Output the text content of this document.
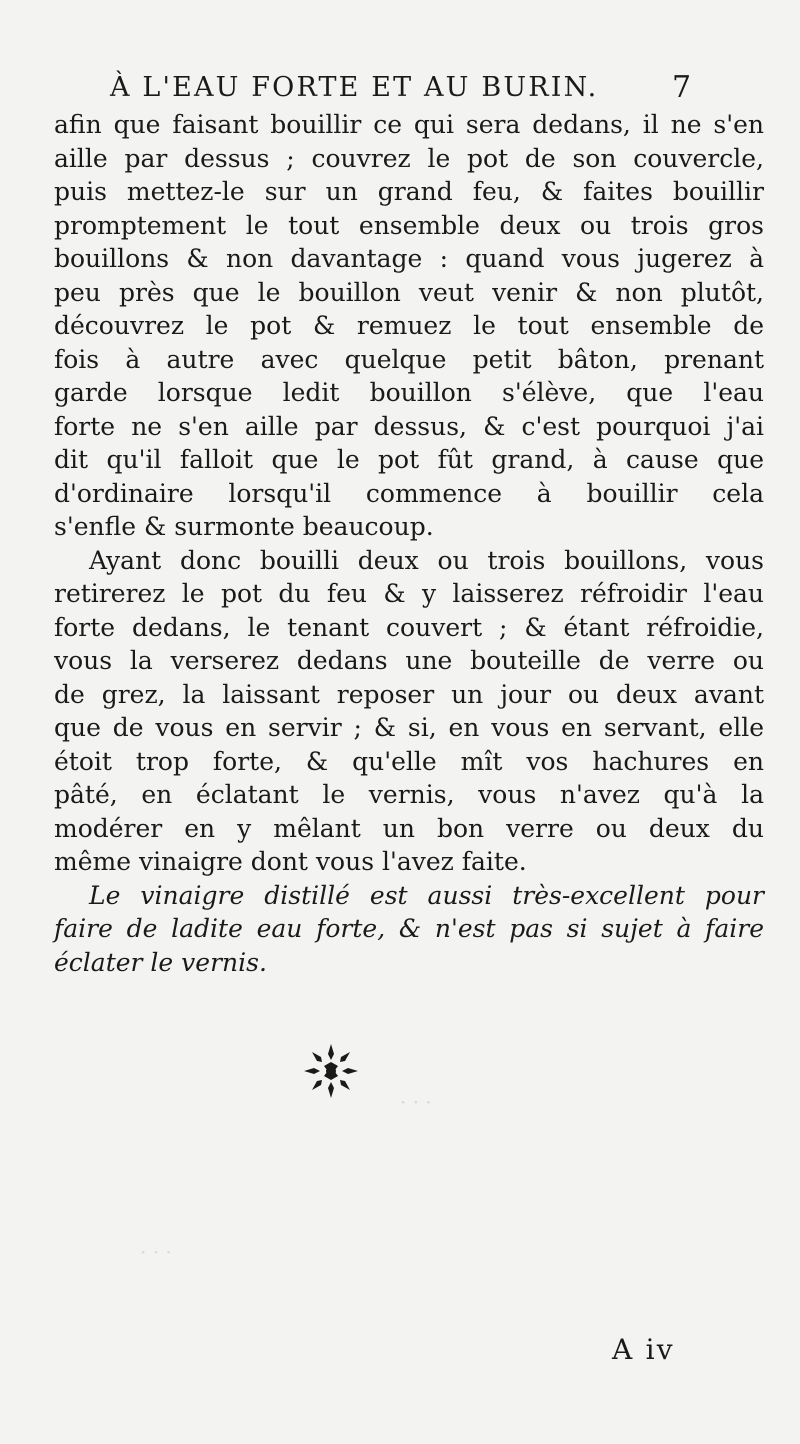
À L'EAU FORTE ET AU BURIN. 7
afin que faisant bouillir ce qui sera dedans, il ne s'en
aille par dessus ; couvrez le pot de son couvercle,
puis mettez-le sur un grand feu, & faites bouillir
promptement le tout ensemble deux ou trois gros
bouillons & non davantage : quand vous jugerez à
peu près que le bouillon veut venir & non plutôt,
découvrez le pot & remuez le tout ensemble de
fois à autre avec quelque petit bâton, prenant
garde lorsque ledit bouillon s'élève, que l'eau
forte ne s'en aille par dessus, & c'est pourquoi j'ai
dit qu'il falloit que le pot fût grand, à cause que
d'ordinaire lorsqu'il commence à bouillir cela
s'enfle & surmonte beaucoup.
Ayant donc bouilli deux ou trois bouillons, vous
retirerez le pot du feu & y laisserez réfroidir l'eau
forte dedans, le tenant couvert ; & étant réfroidie,
vous la verserez dedans une bouteille de verre ou
de grez, la laissant reposer un jour ou deux avant
que de vous en servir ; & si, en vous en servant, elle
étoit trop forte, & qu'elle mît vos hachures en
pâté, en éclatant le vernis, vous n'avez qu'à la
modérer en y mêlant un bon verre ou deux du
même vinaigre dont vous l'avez faite.
Le vinaigre distillé est aussi très-excellent pour
faire de ladite eau forte, & n'est pas si sujet à faire
éclater le vernis.
· · ·
· · ·
A iv
